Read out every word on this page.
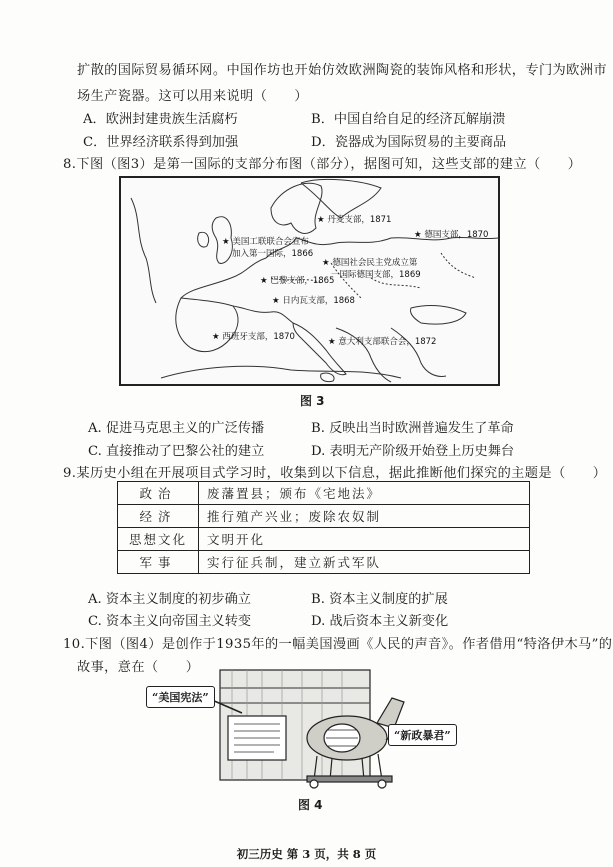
扩散的国际贸易循环网。中国作坊也开始仿效欧洲陶瓷的装饰风格和形状，专门为欧洲市
场生产瓷器。这可以用来说明（　　）
A．欧洲封建贵族生活腐朽	B．中国自给自足的经济瓦解崩溃
C．世界经济联系得到加强	D．瓷器成为国际贸易的主要商品
8.下图（图3）是第一国际的支部分布图（部分），据图可知，这些支部的建立（　　）
★ 丹麦支部，1871
★ 美国工联联合会宣布
加入第一国际，1866
★ 德国支部，1870
★ 德国社会民主党成立第
一国际德国支部，1869
★ 巴黎支部，1865
★ 日内瓦支部，1868
★ 西班牙支部，1870	★ 意大利支部联合会，1872
图 3
A. 促进马克思主义的广泛传播	B. 反映出当时欧洲普遍发生了革命
C. 直接推动了巴黎公社的建立	D. 表明无产阶级开始登上历史舞台
9.某历史小组在开展项目式学习时，收集到以下信息，据此推断他们探究的主题是（　　）
政治	废藩置县；颁布《宅地法》
经济	推行殖产兴业；废除农奴制
思想文化	文明开化
军事	实行征兵制，建立新式军队
A. 资本主义制度的初步确立	B. 资本主义制度的扩展
C. 资本主义向帝国主义转变	D. 战后资本主义新变化
10.下图（图4）是创作于1935年的一幅美国漫画《人民的声音》。作者借用“特洛伊木马”的
故事，意在（　　）
“美国宪法”
“新政暴君”
图 4
初三历史 第 3 页，共 8 页
